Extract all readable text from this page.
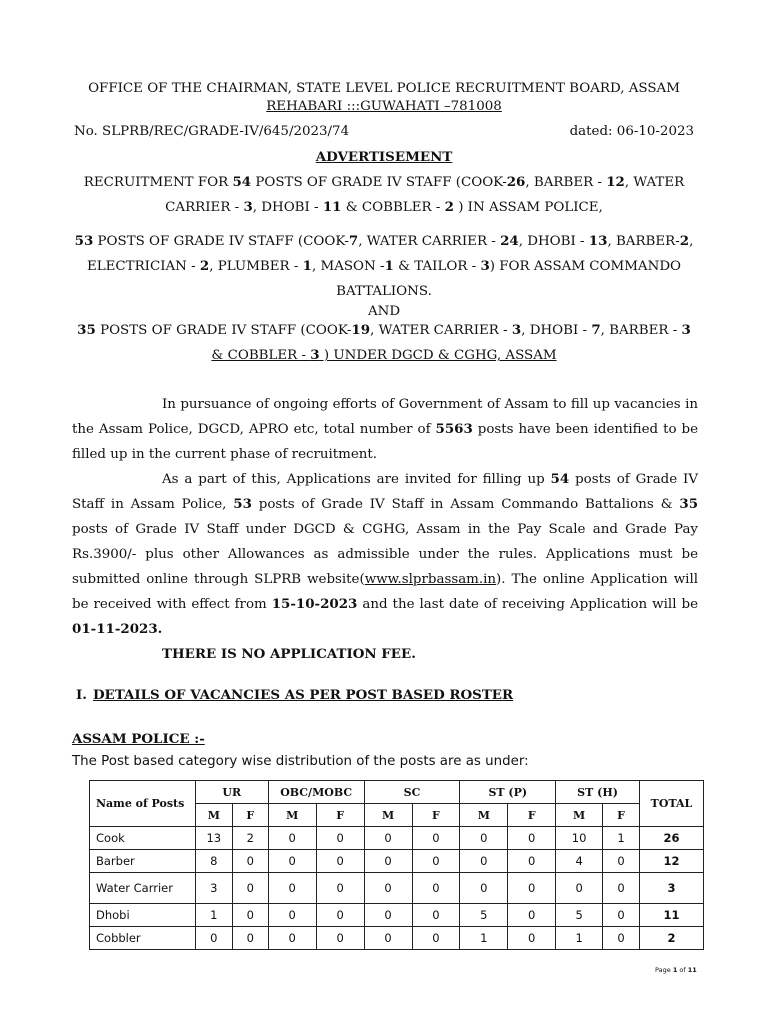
OFFICE OF THE CHAIRMAN, STATE LEVEL POLICE RECRUITMENT BOARD, ASSAM
REHABARI :::GUWAHATI –781008
No. SLPRB/REC/GRADE-IV/645/2023/74	dated: 06-10-2023
ADVERTISEMENT
RECRUITMENT FOR 54 POSTS OF GRADE IV STAFF (COOK-26, BARBER - 12, WATER CARRIER - 3, DHOBI - 11 & COBBLER - 2 ) IN ASSAM POLICE,
53 POSTS OF GRADE IV STAFF (COOK-7, WATER CARRIER - 24, DHOBI - 13, BARBER-2, ELECTRICIAN - 2, PLUMBER - 1, MASON -1 & TAILOR - 3) FOR ASSAM COMMANDO BATTALIONS.
AND
35 POSTS OF GRADE IV STAFF (COOK-19, WATER CARRIER - 3, DHOBI - 7, BARBER - 3
& COBBLER - 3 ) UNDER DGCD & CGHG, ASSAM
In pursuance of ongoing efforts of Government of Assam to fill up vacancies in the Assam Police, DGCD, APRO etc, total number of 5563 posts have been identified to be filled up in the current phase of recruitment.
As a part of this, Applications are invited for filling up 54 posts of Grade IV Staff in Assam Police, 53 posts of Grade IV Staff in Assam Commando Battalions & 35 posts of Grade IV Staff under DGCD & CGHG, Assam in the Pay Scale and Grade Pay Rs.3900/- plus other Allowances as admissible under the rules. Applications must be submitted online through SLPRB website(www.slprbassam.in). The online Application will be received with effect from 15-10-2023 and the last date of receiving Application will be 01-11-2023.
THERE IS NO APPLICATION FEE.
I. DETAILS OF VACANCIES AS PER POST BASED ROSTER
ASSAM POLICE :-
The Post based category wise distribution of the posts are as under:
Name of Posts	UR		OBC/MOBC		SC		ST (P)		ST (H)		TOTAL
	M	F	M	F	M	F	M	F	M	F	
Cook	13	2	0	0	0	0	0	0	10	1	26
Barber	8	0	0	0	0	0	0	0	4	0	12
Water Carrier	3	0	0	0	0	0	0	0	0	0	3
Dhobi	1	0	0	0	0	0	5	0	5	0	11
Cobbler	0	0	0	0	0	0	1	0	1	0	2
Page 1 of 11
